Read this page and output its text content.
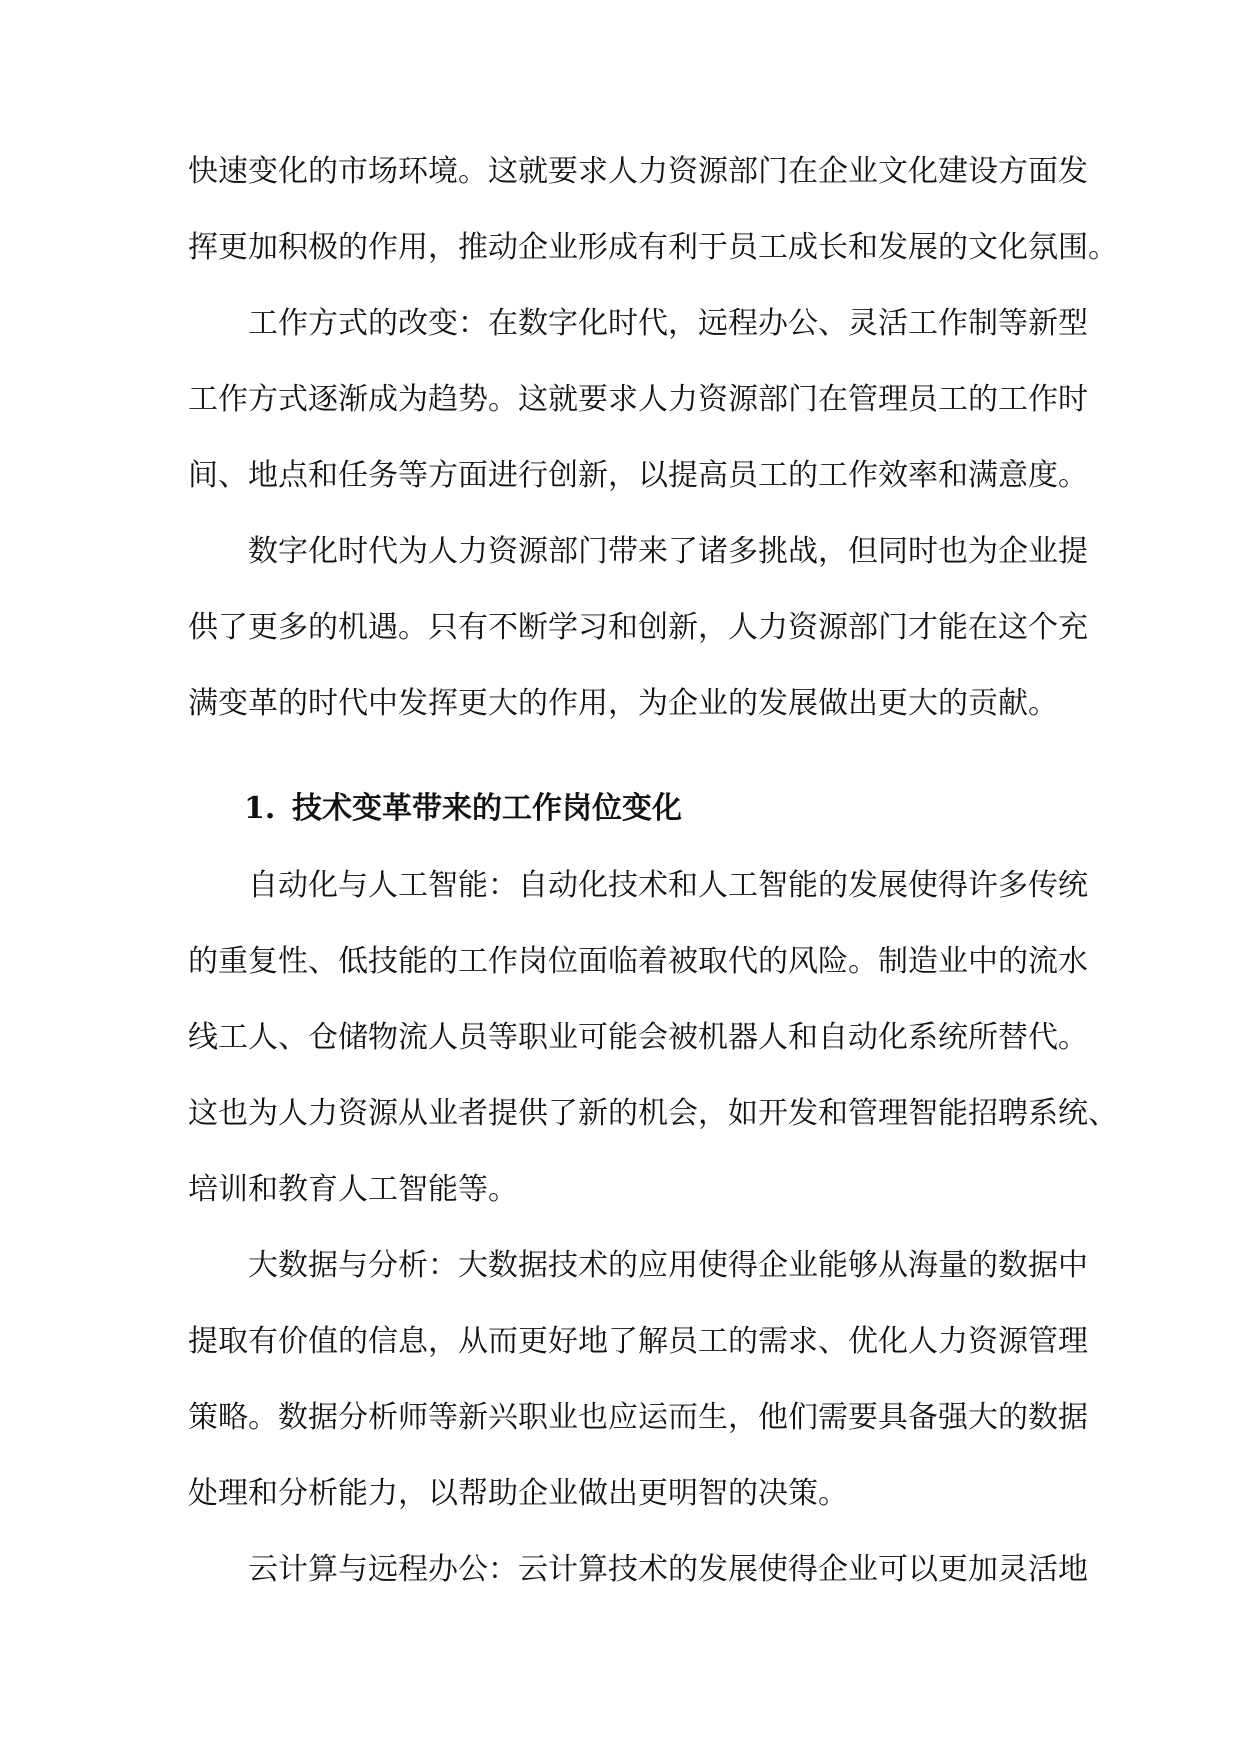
快速变化的市场环境。这就要求人力资源部门在企业文化建设方面发
挥更加积极的作用，推动企业形成有利于员工成长和发展的文化氛围。
工作方式的改变：在数字化时代，远程办公、灵活工作制等新型
工作方式逐渐成为趋势。这就要求人力资源部门在管理员工的工作时
间、地点和任务等方面进行创新，以提高员工的工作效率和满意度。
数字化时代为人力资源部门带来了诸多挑战，但同时也为企业提
供了更多的机遇。只有不断学习和创新，人力资源部门才能在这个充
满变革的时代中发挥更大的作用，为企业的发展做出更大的贡献。
1. 技术变革带来的工作岗位变化
自动化与人工智能：自动化技术和人工智能的发展使得许多传统
的重复性、低技能的工作岗位面临着被取代的风险。制造业中的流水
线工人、仓储物流人员等职业可能会被机器人和自动化系统所替代。
这也为人力资源从业者提供了新的机会，如开发和管理智能招聘系统、
培训和教育人工智能等。
大数据与分析：大数据技术的应用使得企业能够从海量的数据中
提取有价值的信息，从而更好地了解员工的需求、优化人力资源管理
策略。数据分析师等新兴职业也应运而生，他们需要具备强大的数据
处理和分析能力，以帮助企业做出更明智的决策。
云计算与远程办公：云计算技术的发展使得企业可以更加灵活地
